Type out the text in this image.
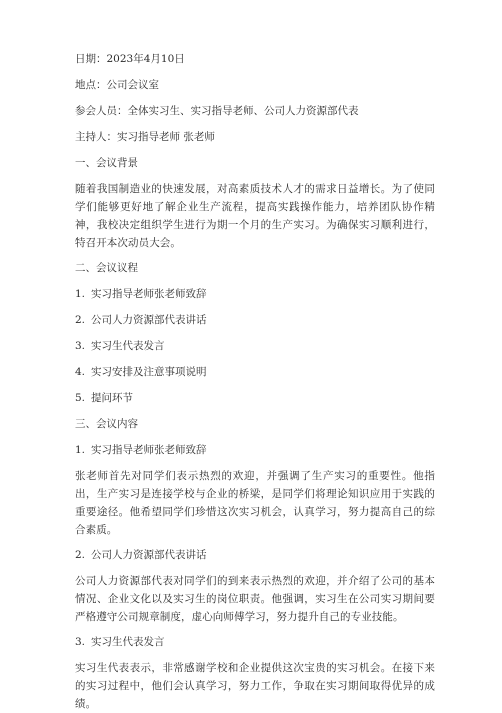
日期：2023年4月10日

地点：公司会议室

参会人员：全体实习生、实习指导老师、公司人力资源部代表

主持人：实习指导老师 张老师

一、会议背景

随着我国制造业的快速发展，对高素质技术人才的需求日益增长。为了使同学们能够更好地了解企业生产流程，提高实践操作能力，培养团队协作精神，我校决定组织学生进行为期一个月的生产实习。为确保实习顺利进行，特召开本次动员大会。

二、会议议程

1. 实习指导老师张老师致辞

2. 公司人力资源部代表讲话

3. 实习生代表发言

4. 实习安排及注意事项说明

5. 提问环节

三、会议内容

1. 实习指导老师张老师致辞

张老师首先对同学们表示热烈的欢迎，并强调了生产实习的重要性。他指出，生产实习是连接学校与企业的桥梁，是同学们将理论知识应用于实践的重要途径。他希望同学们珍惜这次实习机会，认真学习，努力提高自己的综合素质。

2. 公司人力资源部代表讲话

公司人力资源部代表对同学们的到来表示热烈的欢迎，并介绍了公司的基本情况、企业文化以及实习生的岗位职责。他强调，实习生在公司实习期间要严格遵守公司规章制度，虚心向师傅学习，努力提升自己的专业技能。

3. 实习生代表发言

实习生代表表示，非常感谢学校和企业提供这次宝贵的实习机会。在接下来的实习过程中，他们会认真学习，努力工作，争取在实习期间取得优异的成绩。
